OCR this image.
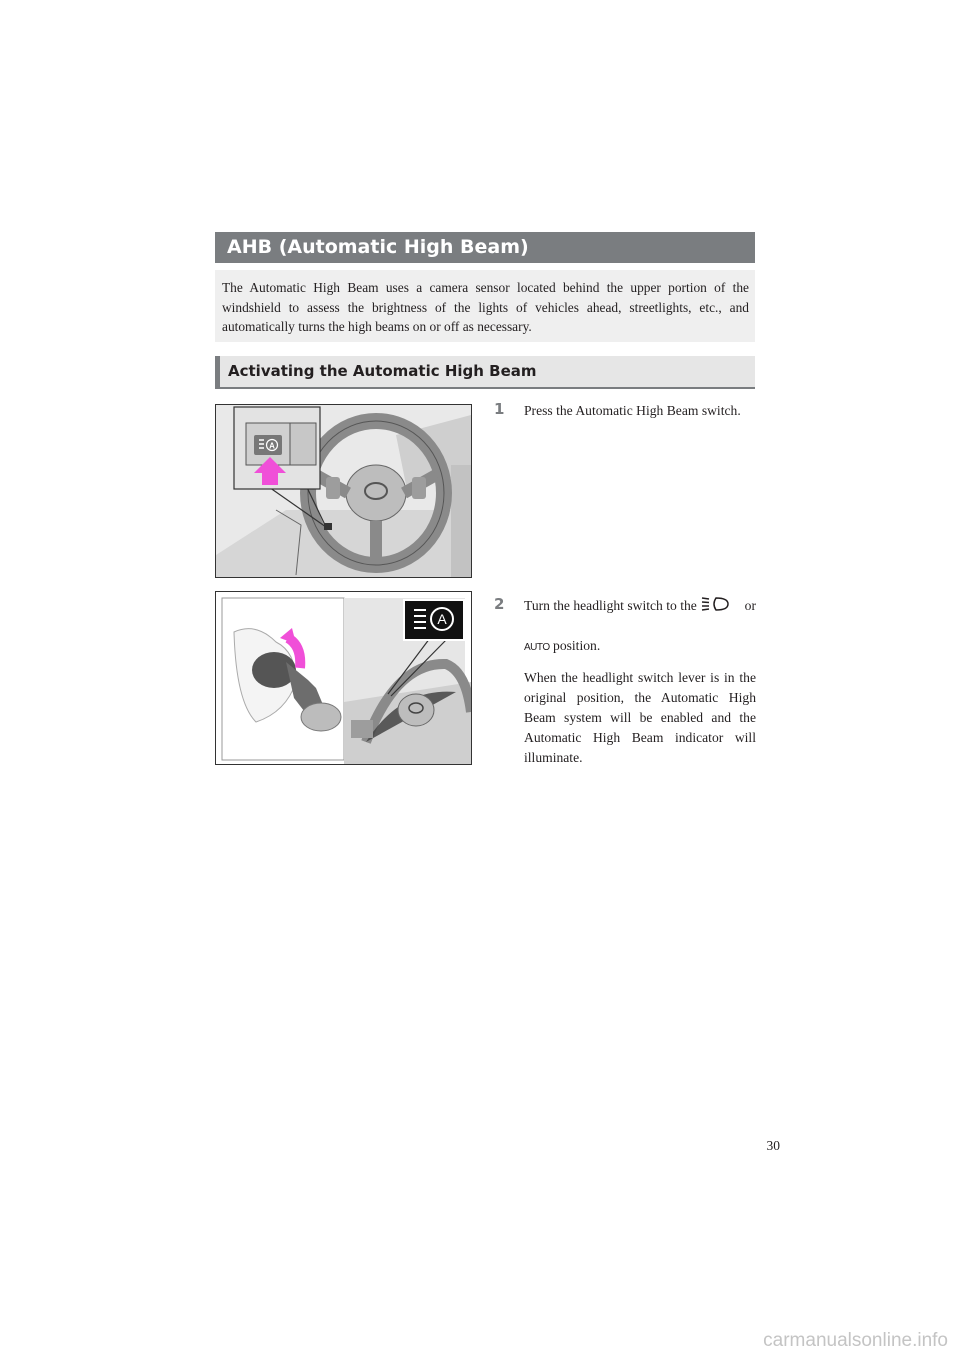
AHB (Automatic High Beam)
The Automatic High Beam uses a camera sensor located behind the upper portion of the windshield to assess the brightness of the lights of vehicles ahead, streetlights, etc., and automatically turns the high beams on or off as necessary.
Activating the Automatic High Beam
A
A
1 Press the Automatic High Beam switch.
2 Turn the headlight switch to the	or

AUTO position.
When the headlight switch lever is in the original position, the Automatic High Beam system will be enabled and the Automatic High Beam indicator will illuminate.
30
carmanualsonline.info
